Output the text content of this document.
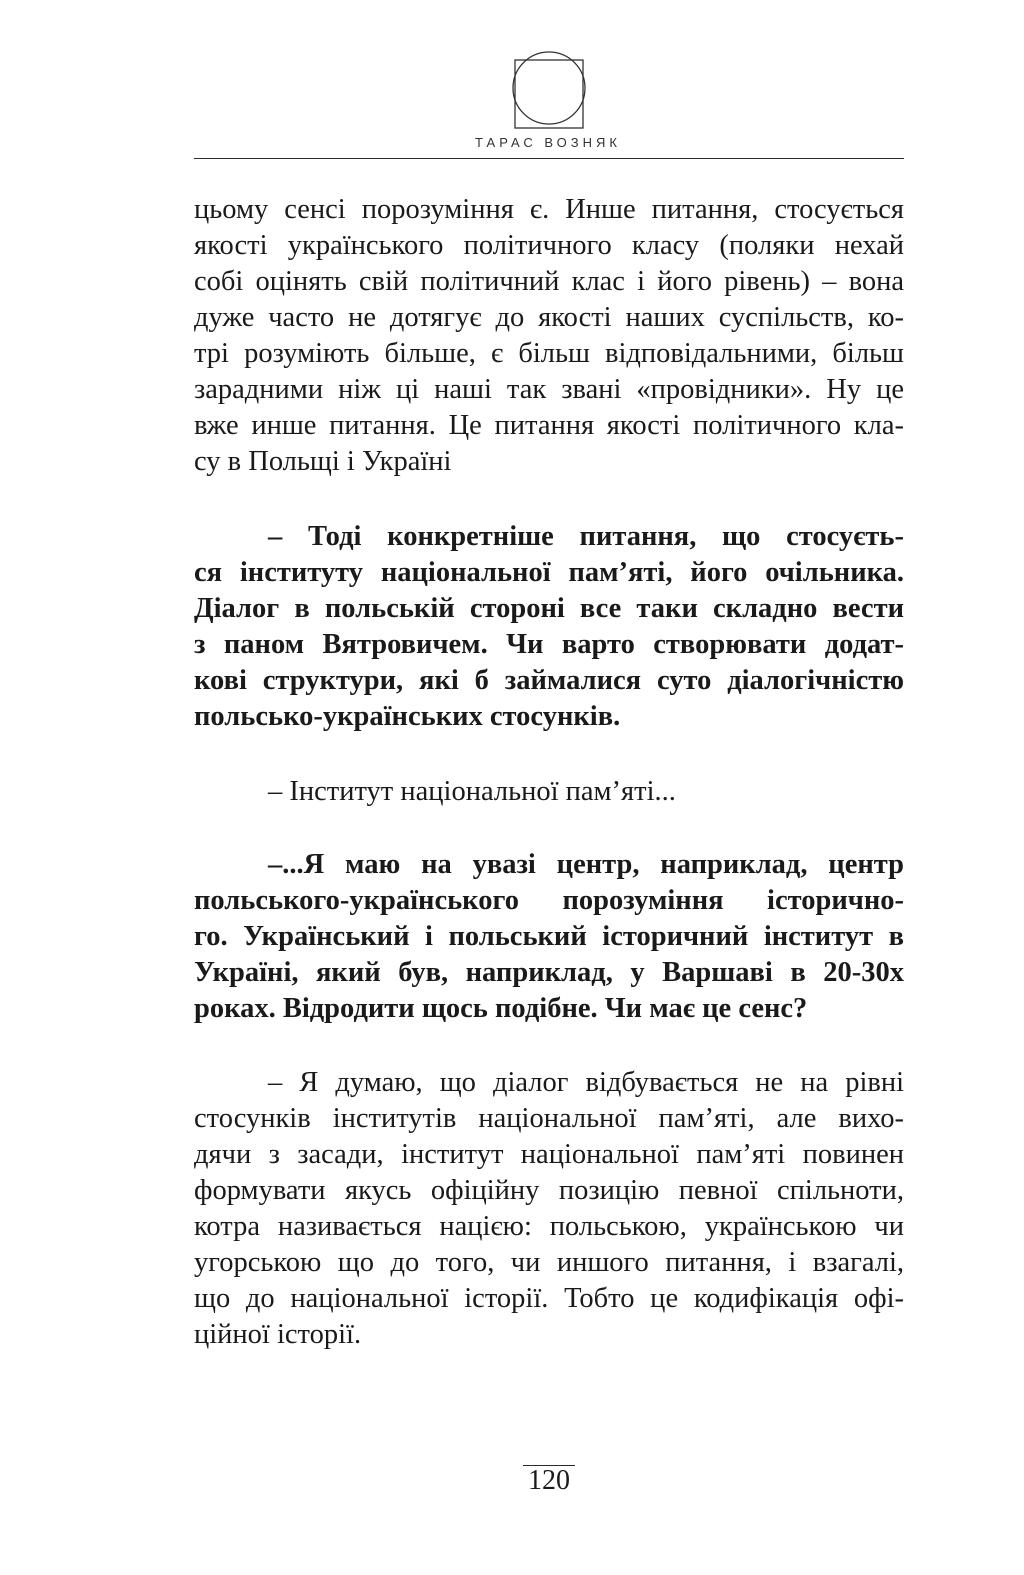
ТАРАС ВОЗНЯК
цьому сенсі порозуміння є. Инше питання, стосується
якості українського політичного класу (поляки нехай
собі оцінять свій політичний клас і його рівень) – вона
дуже часто не дотягує до якості наших суспільств, ко-
трі розуміють більше, є більш відповідальними, більш
зарадними ніж ці наші так звані «провідники». Ну це
вже инше питання. Це питання якості політичного кла-
су в Польщі і Україні
– Тоді конкретніше питання, що стосуєть-
ся інституту національної пам’яті, його очільника.
Діалог в польській стороні все таки складно вести
з паном Вятровичем. Чи варто створювати додат-
кові структури, які б займалися суто діалогічністю
польсько-українських стосунків.
– Інститут національної пам’яті...
–...Я маю на увазі центр, наприклад, центр
польського-українського порозуміння історично-
го. Український і польський історичний інститут в
Україні, який був, наприклад, у Варшаві в 20-30х
роках. Відродити щось подібне. Чи має це сенс?
– Я думаю, що діалог відбувається не на рівні
стосунків інститутів національної пам’яті, але вихо-
дячи з засади, інститут національної пам’яті повинен
формувати якусь офіційну позицію певної спільноти,
котра називається нацією: польською, українською чи
угорською що до того, чи иншого питання, і взагалі,
що до національної історії. Тобто це кодифікація офі-
ційної історії.
120
